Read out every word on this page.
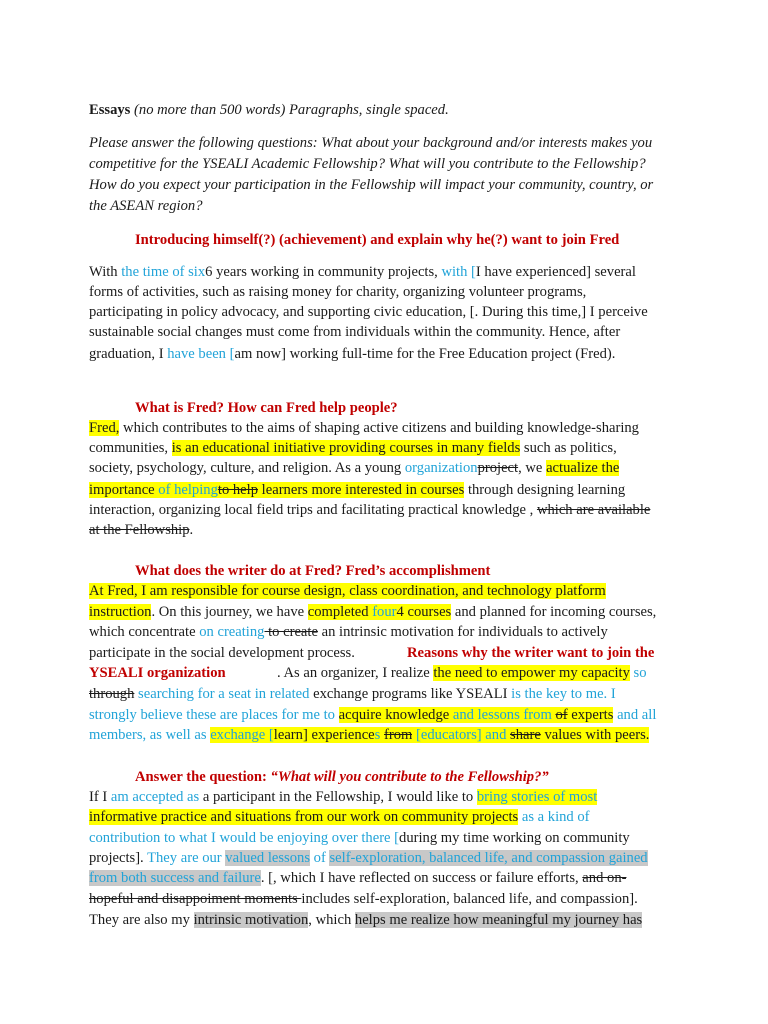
Essays (no more than 500 words) Paragraphs, single spaced.
Please answer the following questions: What about your background and/or interests makes you
competitive for the YSEALI Academic Fellowship? What will you contribute to the Fellowship?
How do you expect your participation in the Fellowship will impact your community, country, or
the ASEAN region?
Introducing himself(?) (achievement) and explain why he(?) want to join Fred
With the time of six6 years working in community projects, with [I have experienced] several
forms of activities, such as raising money for charity, organizing volunteer programs,
participating in policy advocacy, and supporting civic education, [. During this time,] I perceive
sustainable social changes must come from individuals within the community. Hence, after
graduation, I have been [am now] working full-time for the Free Education project (Fred).
What is Fred? How can Fred help people?
Fred, which contributes to the aims of shaping active citizens and building knowledge-sharing
communities, is an educational initiative providing courses in many fields such as politics,
society, psychology, culture, and religion. As a young organizationproject, we actualize the
importance of helpingto help learners more interested in courses through designing learning
interaction, organizing local field trips and facilitating practical knowledge , which are available
at the Fellowship.
What does the writer do at Fred? Fred’s accomplishment
At Fred, I am responsible for course design, class coordination, and technology platform
instruction. On this journey, we have completed four4 courses and planned for incoming courses,
which concentrate on creating to create an intrinsic motivation for individuals to actively
participate in the social development process.	Reasons why the writer want to join the
YSEALI organization	. As an organizer, I realize the need to empower my capacity so
through searching for a seat in related exchange programs like YSEALI is the key to me. I
strongly believe these are places for me to acquire knowledge and lessons from of experts and all
members, as well as exchange [learn] experiences from [educators] and share values with peers.
Answer the question: “What will you contribute to the Fellowship?”
If I am accepted as a participant in the Fellowship, I would like to bring stories of most
informative practice and situations from our work on community projects as a kind of
contribution to what I would be enjoying over there [during my time working on community
projects]. They are our valued lessons of self-exploration, balanced life, and compassion gained
from both success and failure. [, which I have reflected on success or failure efforts, and on-
hopeful and disappoiment moments includes self-exploration, balanced life, and compassion].
They are also my intrinsic motivation, which helps me realize how meaningful my journey has
